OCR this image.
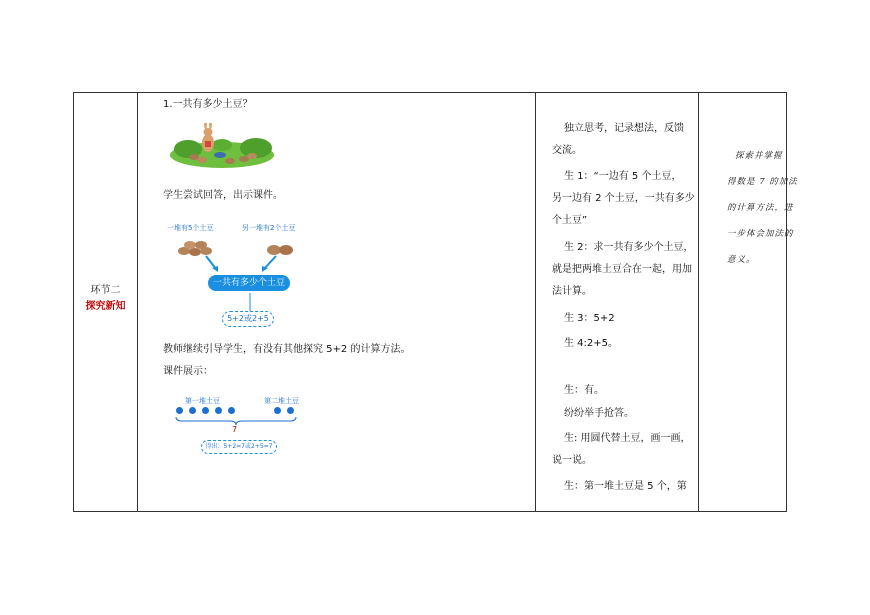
环节二
探究新知
1.一共有多少土豆？
学生尝试回答，出示课件。
一堆有5个土豆	另一堆有2个土豆
一共有多少个土豆
5+2或2+5
教师继续引导学生，有没有其他探究 5+2 的计算方法。
课件展示：
第一堆土豆	第二堆土豆
7
得出：5+2=7或2+5=7
独立思考，记录想法，反馈
交流。
生 1：“一边有 5 个土豆，
另一边有 2 个土豆，一共有多少
个土豆”
生 2：求一共有多少个土豆，
就是把两堆土豆合在一起，用加
法计算。
生 3：5+2
生 4:2+5。
生：有。
纷纷举手抢答。
生: 用圆代替土豆，画一画，
说一说。
生：第一堆土豆是 5 个，第
探索并掌握
得数是 7 的加法
的计算方法，进
一步体会加法的
意义。
